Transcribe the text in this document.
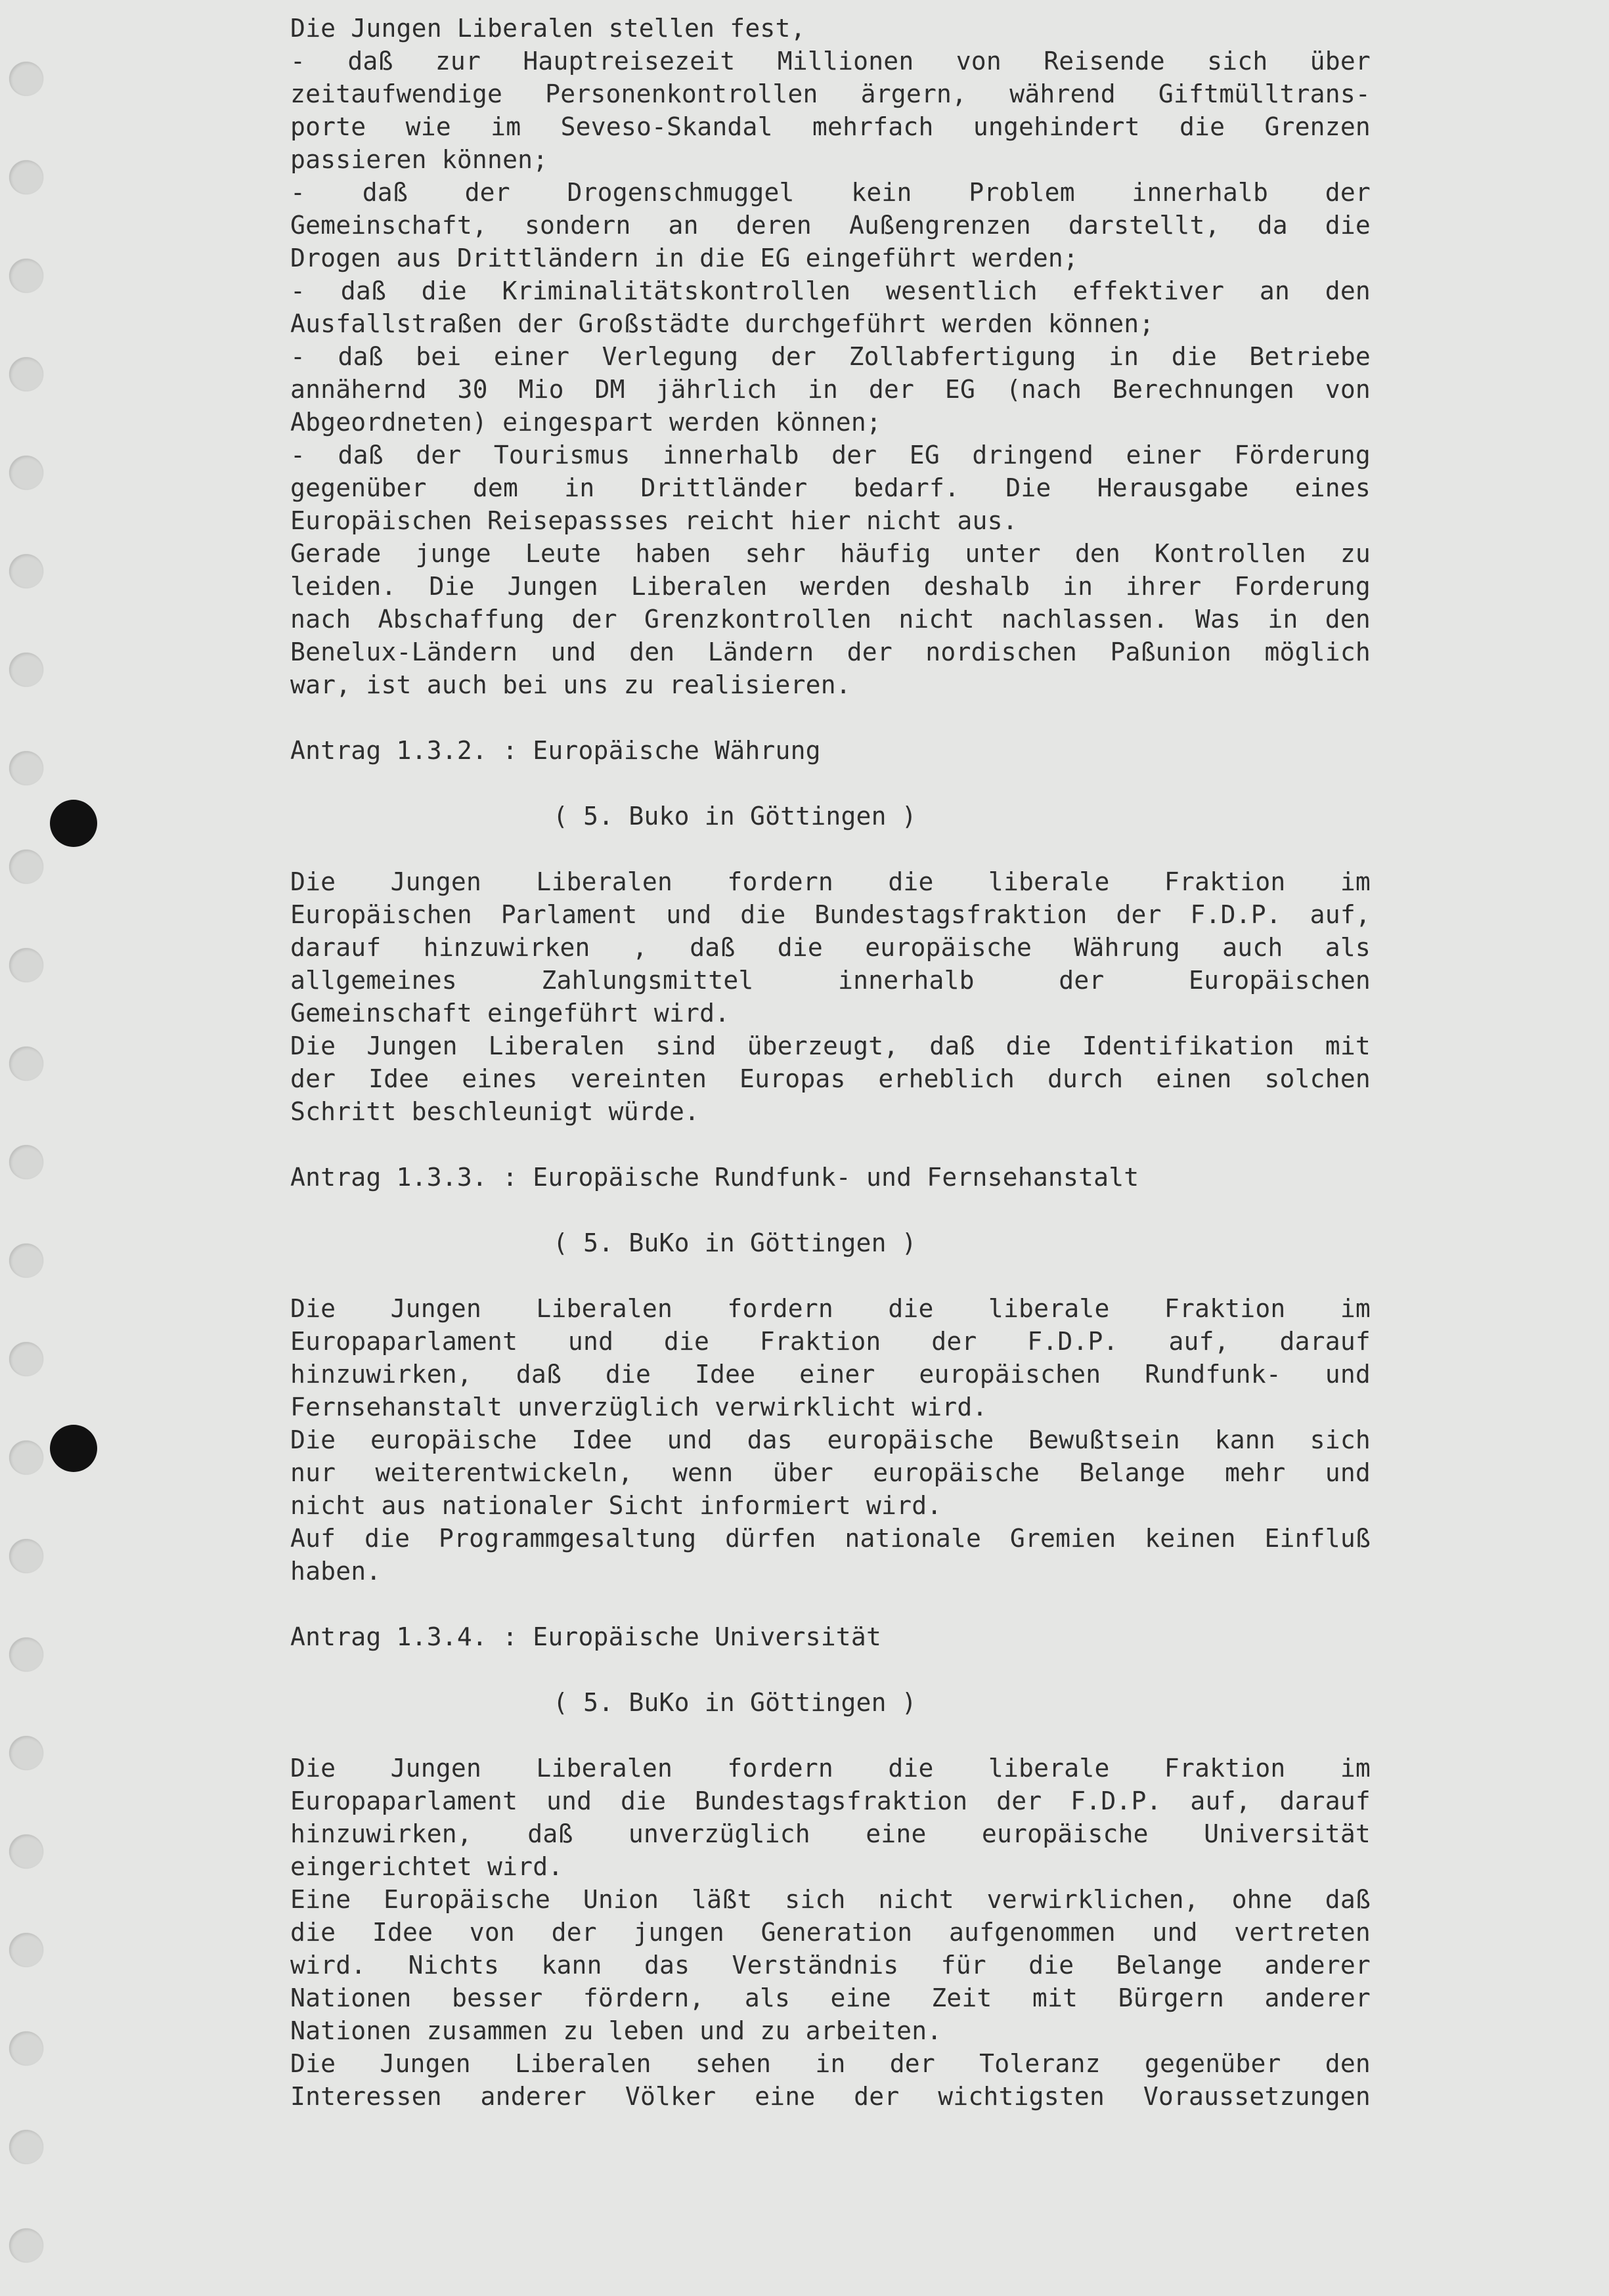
Die Jungen Liberalen stellen fest,
- daß zur Hauptreisezeit Millionen von Reisende sich über
zeitaufwendige Personenkontrollen ärgern, während Giftmülltrans-
porte wie im Seveso-Skandal mehrfach ungehindert die Grenzen
passieren können;
- daß der Drogenschmuggel kein Problem innerhalb der
Gemeinschaft, sondern an deren Außengrenzen darstellt, da die
Drogen aus Drittländern in die EG eingeführt werden;
- daß die Kriminalitätskontrollen wesentlich effektiver an den
Ausfallstraßen der Großstädte durchgeführt werden können;
- daß bei einer Verlegung der Zollabfertigung in die Betriebe
annähernd 30 Mio DM jährlich in der EG (nach Berechnungen von
Abgeordneten) eingespart werden können;
- daß der Tourismus innerhalb der EG dringend einer Förderung
gegenüber dem in Drittländer bedarf. Die Herausgabe eines
Europäischen Reisepassses reicht hier nicht aus.
Gerade junge Leute haben sehr häufig unter den Kontrollen zu
leiden. Die Jungen Liberalen werden deshalb in ihrer Forderung
nach Abschaffung der Grenzkontrollen nicht nachlassen. Was in den
Benelux-Ländern und den Ländern der nordischen Paßunion möglich
war, ist auch bei uns zu realisieren.
Antrag 1.3.2. : Europäische Währung
( 5. Buko in Göttingen )
Die Jungen Liberalen fordern die liberale Fraktion im
Europäischen Parlament und die Bundestagsfraktion der F.D.P. auf,
darauf hinzuwirken , daß die europäische Währung auch als
allgemeines Zahlungsmittel innerhalb der Europäischen
Gemeinschaft eingeführt wird.
Die Jungen Liberalen sind überzeugt, daß die Identifikation mit
der Idee eines vereinten Europas erheblich durch einen solchen
Schritt beschleunigt würde.
Antrag 1.3.3. : Europäische Rundfunk- und Fernsehanstalt
( 5. BuKo in Göttingen )
Die Jungen Liberalen fordern die liberale Fraktion im
Europaparlament und die Fraktion der F.D.P. auf, darauf
hinzuwirken, daß die Idee einer europäischen Rundfunk- und
Fernsehanstalt unverzüglich verwirklicht wird.
Die europäische Idee und das europäische Bewußtsein kann sich
nur weiterentwickeln, wenn über europäische Belange mehr und
nicht aus nationaler Sicht informiert wird.
Auf die Programmgesaltung dürfen nationale Gremien keinen Einfluß
haben.
Antrag 1.3.4. : Europäische Universität
( 5. BuKo in Göttingen )
Die Jungen Liberalen fordern die liberale Fraktion im
Europaparlament und die Bundestagsfraktion der F.D.P. auf, darauf
hinzuwirken, daß unverzüglich eine europäische Universität
eingerichtet wird.
Eine Europäische Union läßt sich nicht verwirklichen, ohne daß
die Idee von der jungen Generation aufgenommen und vertreten
wird. Nichts kann das Verständnis für die Belange anderer
Nationen besser fördern, als eine Zeit mit Bürgern anderer
Nationen zusammen zu leben und zu arbeiten.
Die Jungen Liberalen sehen in der Toleranz gegenüber den
Interessen anderer Völker eine der wichtigsten Voraussetzungen
